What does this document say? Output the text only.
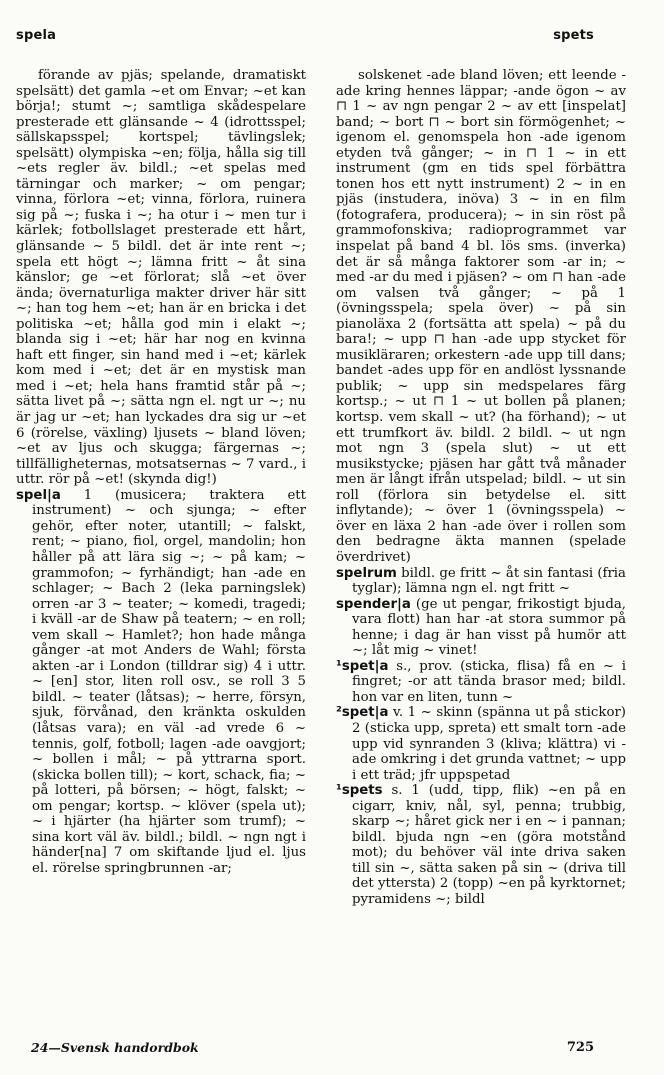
spela	spets

förande av pjäs; spelande, dramatiskt spelsätt) det gamla ~et om Envar; ~et kan börja!; stumt ~; samtliga skådespelare presterade ett glänsande ~ 4 (idrottsspel; sällskapsspel; kortspel; tävlingslek; spelsätt) olympiska ~en; följa, hålla sig till ~ets regler äv. bildl.; ~et spelas med tärningar och marker; ~ om pengar; vinna, förlora ~et; vinna, förlora, ruinera sig på ~; fuska i ~; ha otur i ~ men tur i kärlek; fotbollslaget presterade ett hårt, glänsande ~ 5 bildl. det är inte rent ~; spela ett högt ~; lämna fritt ~ åt sina känslor; ge ~et förlorat; slå ~et över ända; övernaturliga makter driver här sitt ~; han tog hem ~et; han är en bricka i det politiska ~et; hålla god min i elakt ~; blanda sig i ~et; här har nog en kvinna haft ett finger, sin hand med i ~et; kärlek kom med i ~et; det är en mystisk man med i ~et; hela hans framtid står på ~; sätta livet på ~; sätta ngn el. ngt ur ~; nu är jag ur ~et; han lyckades dra sig ur ~et 6 (rörelse, växling) ljusets ~ bland löven; ~et av ljus och skugga; färgernas ~; tillfälligheternas, motsatsernas ~ 7 vard., i uttr. rör på ~et! (skynda dig!)

spel|a 1 (musicera; traktera ett instrument) ~ och sjunga; ~ efter gehör, efter noter, utantill; ~ falskt, rent; ~ piano, fiol, orgel, mandolin; hon håller på att lära sig ~; ~ på kam; ~ grammofon; ~ fyrhändigt; han -ade en schlager; ~ Bach 2 (leka parningslek) orren -ar 3 ~ teater; ~ komedi, tragedi; i kväll -ar de Shaw på teatern; ~ en roll; vem skall ~ Hamlet?; hon hade många gånger -at mot Anders de Wahl; första akten -ar i London (tilldrar sig) 4 i uttr. ~ [en] stor, liten roll osv., se roll 3 5 bildl. ~ teater (låtsas); ~ herre, försyn, sjuk, förvånad, den kränkta oskulden (låtsas vara); en väl -ad vrede 6 ~ tennis, golf, fotboll; lagen -ade oavgjort; ~ bollen i mål; ~ på yttrarna sport. (skicka bollen till); ~ kort, schack, fia; ~ på lotteri, på börsen; ~ högt, falskt; ~ om pengar; kortsp. ~ klöver (spela ut); ~ i hjärter (ha hjärter som trumf); ~ sina kort väl äv. bildl.; bildl. ~ ngn ngt i händer[na] 7 om skiftande ljud el. ljus el. rörelse springbrunnen -ar;

solskenet -ade bland löven; ett leende -ade kring hennes läppar; -ande ögon ~ av ⊓ 1 ~ av ngn pengar 2 ~ av ett [inspelat] band; ~ bort ⊓ ~ bort sin förmögenhet; ~ igenom el. genomspela hon -ade igenom etyden två gånger; ~ in ⊓ 1 ~ in ett instrument (gm en tids spel förbättra tonen hos ett nytt instrument) 2 ~ in en pjäs (instudera, inöva) 3 ~ in en film (fotografera, producera); ~ in sin röst på grammofonskiva; radioprogrammet var inspelat på band 4 bl. lös sms. (inverka) det är så många faktorer som -ar in; ~ med -ar du med i pjäsen? ~ om ⊓ han -ade om valsen två gånger; ~ på 1 (övningsspela; spela över) ~ på sin pianoläxa 2 (fortsätta att spela) ~ på du bara!; ~ upp ⊓ han -ade upp stycket för musikläraren; orkestern -ade upp till dans; bandet -ades upp för en andlöst lyssnande publik; ~ upp sin medspelares färg kortsp.; ~ ut ⊓ 1 ~ ut bollen på planen; kortsp. vem skall ~ ut? (ha förhand); ~ ut ett trumfkort äv. bildl. 2 bildl. ~ ut ngn mot ngn 3 (spela slut) ~ ut ett musikstycke; pjäsen har gått två månader men är långt ifrån utspelad; bildl. ~ ut sin roll (förlora sin betydelse el. sitt inflytande); ~ över 1 (övningsspela) ~ över en läxa 2 han -ade över i rollen som den bedragne äkta mannen (spelade överdrivet)

spelrum bildl. ge fritt ~ åt sin fantasi (fria tyglar); lämna ngn el. ngt fritt ~

spender|a (ge ut pengar, frikostigt bjuda, vara flott) han har -at stora summor på henne; i dag är han visst på humör att ~; låt mig ~ vinet!

¹spet|a s., prov. (sticka, flisa) få en ~ i fingret; -or att tända brasor med; bildl. hon var en liten, tunn ~

²spet|a v. 1 ~ skinn (spänna ut på stickor) 2 (sticka upp, spreta) ett smalt torn -ade upp vid synranden 3 (kliva; klättra) vi -ade omkring i det grunda vattnet; ~ upp i ett träd; jfr uppspetad

¹spets s. 1 (udd, tipp, flik) ~en på en cigarr, kniv, nål, syl, penna; trubbig, skarp ~; håret gick ner i en ~ i pannan; bildl. bjuda ngn ~en (göra motstånd mot); du behöver väl inte driva saken till sin ~, sätta saken på sin ~ (driva till det yttersta) 2 (topp) ~en på kyrktornet; pyramidens ~; bildl

24—Svensk handordbok	725
